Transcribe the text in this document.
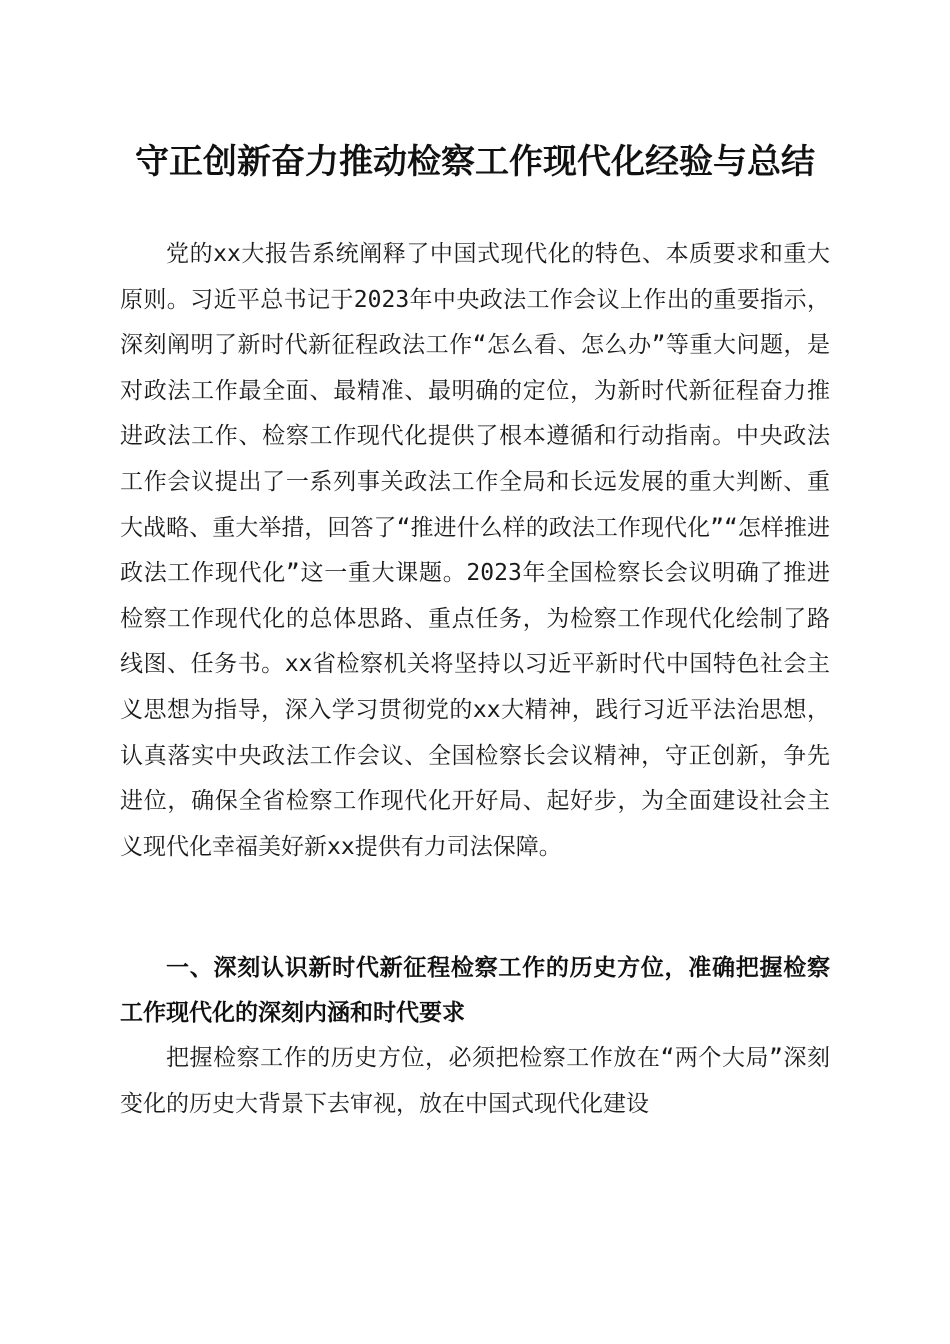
守正创新奋力推动检察工作现代化经验与总结

党的xx大报告系统阐释了中国式现代化的特色、本质要求和重大原则。习近平总书记于2023年中央政法工作会议上作出的重要指示，深刻阐明了新时代新征程政法工作“怎么看、怎么办”等重大问题，是对政法工作最全面、最精准、最明确的定位，为新时代新征程奋力推进政法工作、检察工作现代化提供了根本遵循和行动指南。中央政法工作会议提出了一系列事关政法工作全局和长远发展的重大判断、重大战略、重大举措，回答了“推进什么样的政法工作现代化”“怎样推进政法工作现代化”这一重大课题。2023年全国检察长会议明确了推进检察工作现代化的总体思路、重点任务，为检察工作现代化绘制了路线图、任务书。xx省检察机关将坚持以习近平新时代中国特色社会主义思想为指导，深入学习贯彻党的xx大精神，践行习近平法治思想，认真落实中央政法工作会议、全国检察长会议精神，守正创新，争先进位，确保全省检察工作现代化开好局、起好步，为全面建设社会主义现代化幸福美好新xx提供有力司法保障。

一、深刻认识新时代新征程检察工作的历史方位，准确把握检察工作现代化的深刻内涵和时代要求

把握检察工作的历史方位，必须把检察工作放在“两个大局”深刻变化的历史大背景下去审视，放在中国式现代化建设
